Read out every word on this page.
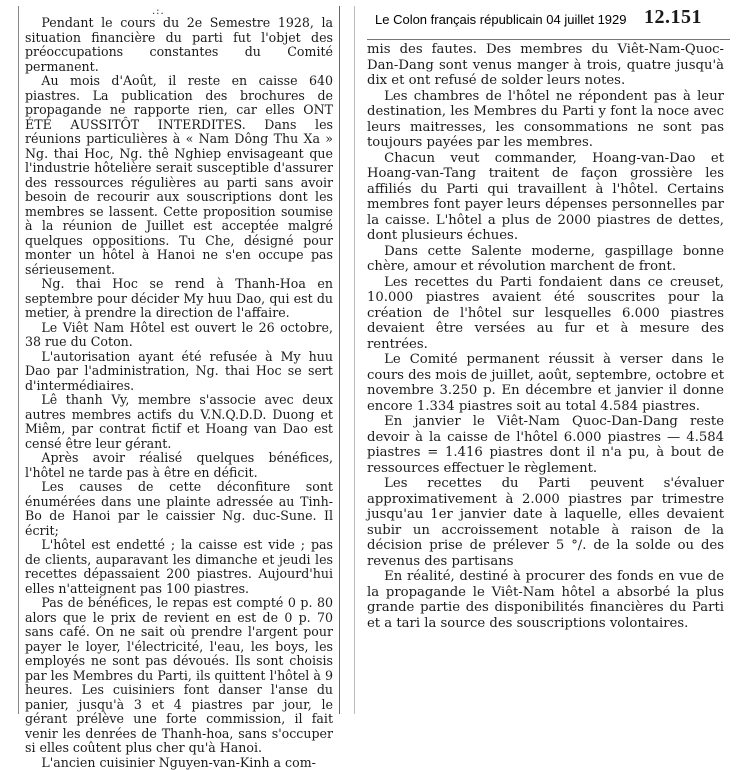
.:.

Pendant le cours du 2e Semestre 1928, la situation financière du parti fut l'objet des préoccupations constantes du Comité permanent.

Au mois d'Août, il reste en caisse 640 piastres. La publication des brochures de propagande ne rapporte rien, car elles ONT ÉTÉ AUSSITÔT INTERDITES. Dans les réunions particulières à « Nam Dông Thu Xa » Ng. thai Hoc, Ng. thê Nghiep envisageant que l'industrie hôtelière serait susceptible d'assurer des ressources régulières au parti sans avoir besoin de recourir aux souscriptions dont les membres se lassent. Cette proposition soumise à la réunion de Juillet est acceptée malgré quelques oppositions. Tu Che, désigné pour monter un hôtel à Hanoi ne s'en occupe pas sérieusement.

Ng. thai Hoc se rend à Thanh-Hoa en septembre pour décider My huu Dao, qui est du metier, à prendre la direction de l'affaire.

Le Viêt Nam Hôtel est ouvert le 26 octobre, 38 rue du Coton.

L'autorisation ayant été refusée à My huu Dao par l'administration, Ng. thai Hoc se sert d'intermédiaires.

Lê thanh Vy, membre s'associe avec deux autres membres actifs du V.N.Q.D.D. Duong et Miêm, par contrat fictif et Hoang van Dao est censé être leur gérant.

Après avoir réalisé quelques bénéfices, l'hôtel ne tarde pas à être en déficit.

Les causes de cette déconfiture sont énumérées dans une plainte adressée au Tinh-Bo de Hanoi par le caissier Ng. duc-Sune. Il écrit;

L'hôtel est endetté ; la caisse est vide ; pas de clients, auparavant les dimanche et jeudi les recettes dépassaient 200 piastres. Aujourd'hui elles n'atteignent pas 100 piastres.

Pas de bénéfices, le repas est compté 0 p. 80 alors que le prix de revient en est de 0 p. 70 sans café. On ne sait où prendre l'argent pour payer le loyer, l'électricité, l'eau, les boys, les employés ne sont pas dévoués. Ils sont choisis par les Membres du Parti, ils quittent l'hôtel à 9 heures. Les cuisiniers font danser l'anse du panier, jusqu'à 3 et 4 piastres par jour, le gérant prélève une forte commission, il fait venir les denrées de Thanh-hoa, sans s'occuper si elles coûtent plus cher qu'à Hanoi.

L'ancien cuisinier Nguyen-van-Kinh a com-

Le Colon français républicain 04 juillet 1929 12.151

mis des fautes. Des membres du Viêt-Nam-Quoc-Dan-Dang sont venus manger à trois, quatre jusqu'à dix et ont refusé de solder leurs notes.

Les chambres de l'hôtel ne répondent pas à leur destination, les Membres du Parti y font la noce avec leurs maitresses, les consommations ne sont pas toujours payées par les membres.

Chacun veut commander, Hoang-van-Dao et Hoang-van-Tang traitent de façon grossière les affiliés du Parti qui travaillent à l'hôtel. Certains membres font payer leurs dépenses personnelles par la caisse. L'hôtel a plus de 2000 piastres de dettes, dont plusieurs échues.

Dans cette Salente moderne, gaspillage bonne chère, amour et révolution marchent de front.

Les recettes du Parti fondaient dans ce creuset, 10.000 piastres avaient été souscrites pour la création de l'hôtel sur lesquelles 6.000 piastres devaient être versées au fur et à mesure des rentrées.

Le Comité permanent réussit à verser dans le cours des mois de juillet, août, septembre, octobre et novembre 3.250 p. En décembre et janvier il donne encore 1.334 piastres soit au total 4.584 piastres.

En janvier le Viêt-Nam Quoc-Dan-Dang reste devoir à la caisse de l'hôtel 6.000 piastres — 4.584 piastres = 1.416 piastres dont il n'a pu, à bout de ressources effectuer le règlement.

Les recettes du Parti peuvent s'évaluer approximativement à 2.000 piastres par trimestre jusqu'au 1er janvier date à laquelle, elles devaient subir un accroissement notable à raison de la décision prise de prélever 5 °/. de la solde ou des revenus des partisans

En réalité, destiné à procurer des fonds en vue de la propagande le Viêt-Nam hôtel a absorbé la plus grande partie des disponibilités financières du Parti et a tari la source des souscriptions volontaires.
